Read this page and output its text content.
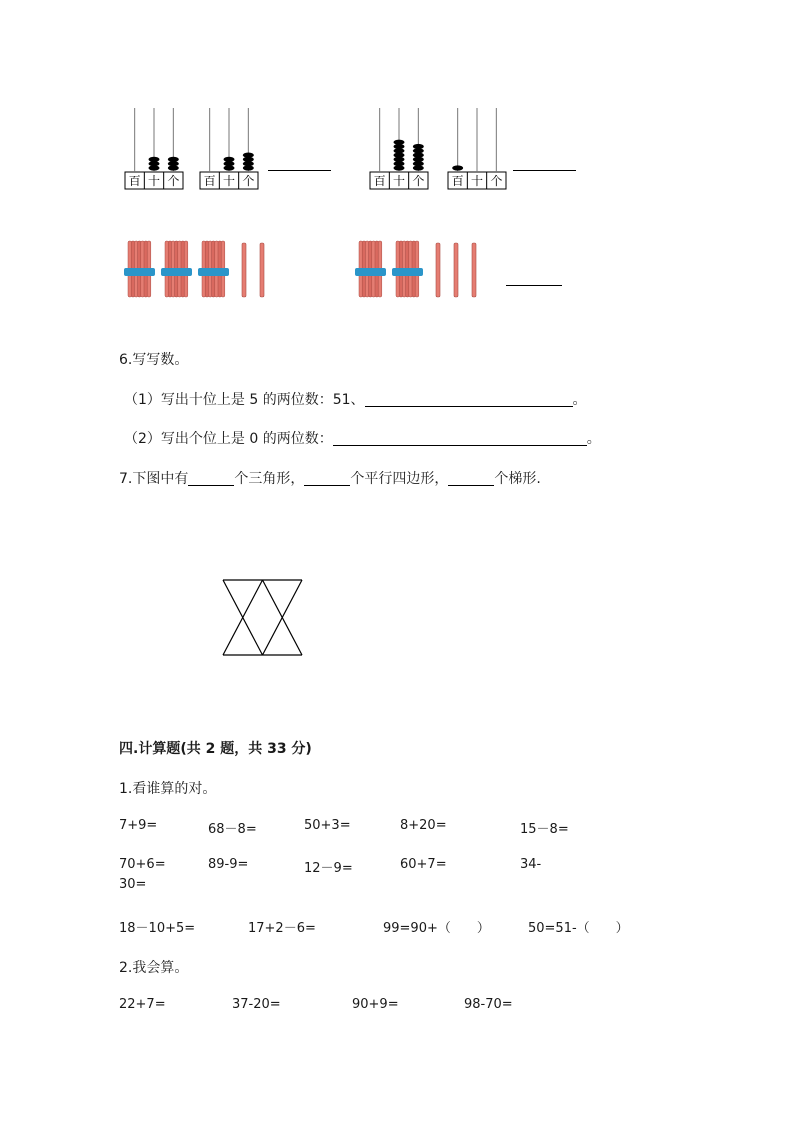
百 十 个 百 十 个	百 十 个 百 十 个
6.写写数。
（1）写出十位上是 5 的两位数：51、	。
（2）写出个位上是 0 的两位数：	。
7.下图中有	个三角形，	个平行四边形，	个梯形.
四.计算题(共 2 题，共 33 分)
1.看谁算的对。
7+9=	68－8=	50+3=	8+20=	15－8=
70+6=	89-9=	12－9=	60+7=	34-
30=
18－10+5=	17+2－6=	99=90+（　　）	50=51-（　　）
2.我会算。
22+7=	37-20=	90+9=	98-70=
